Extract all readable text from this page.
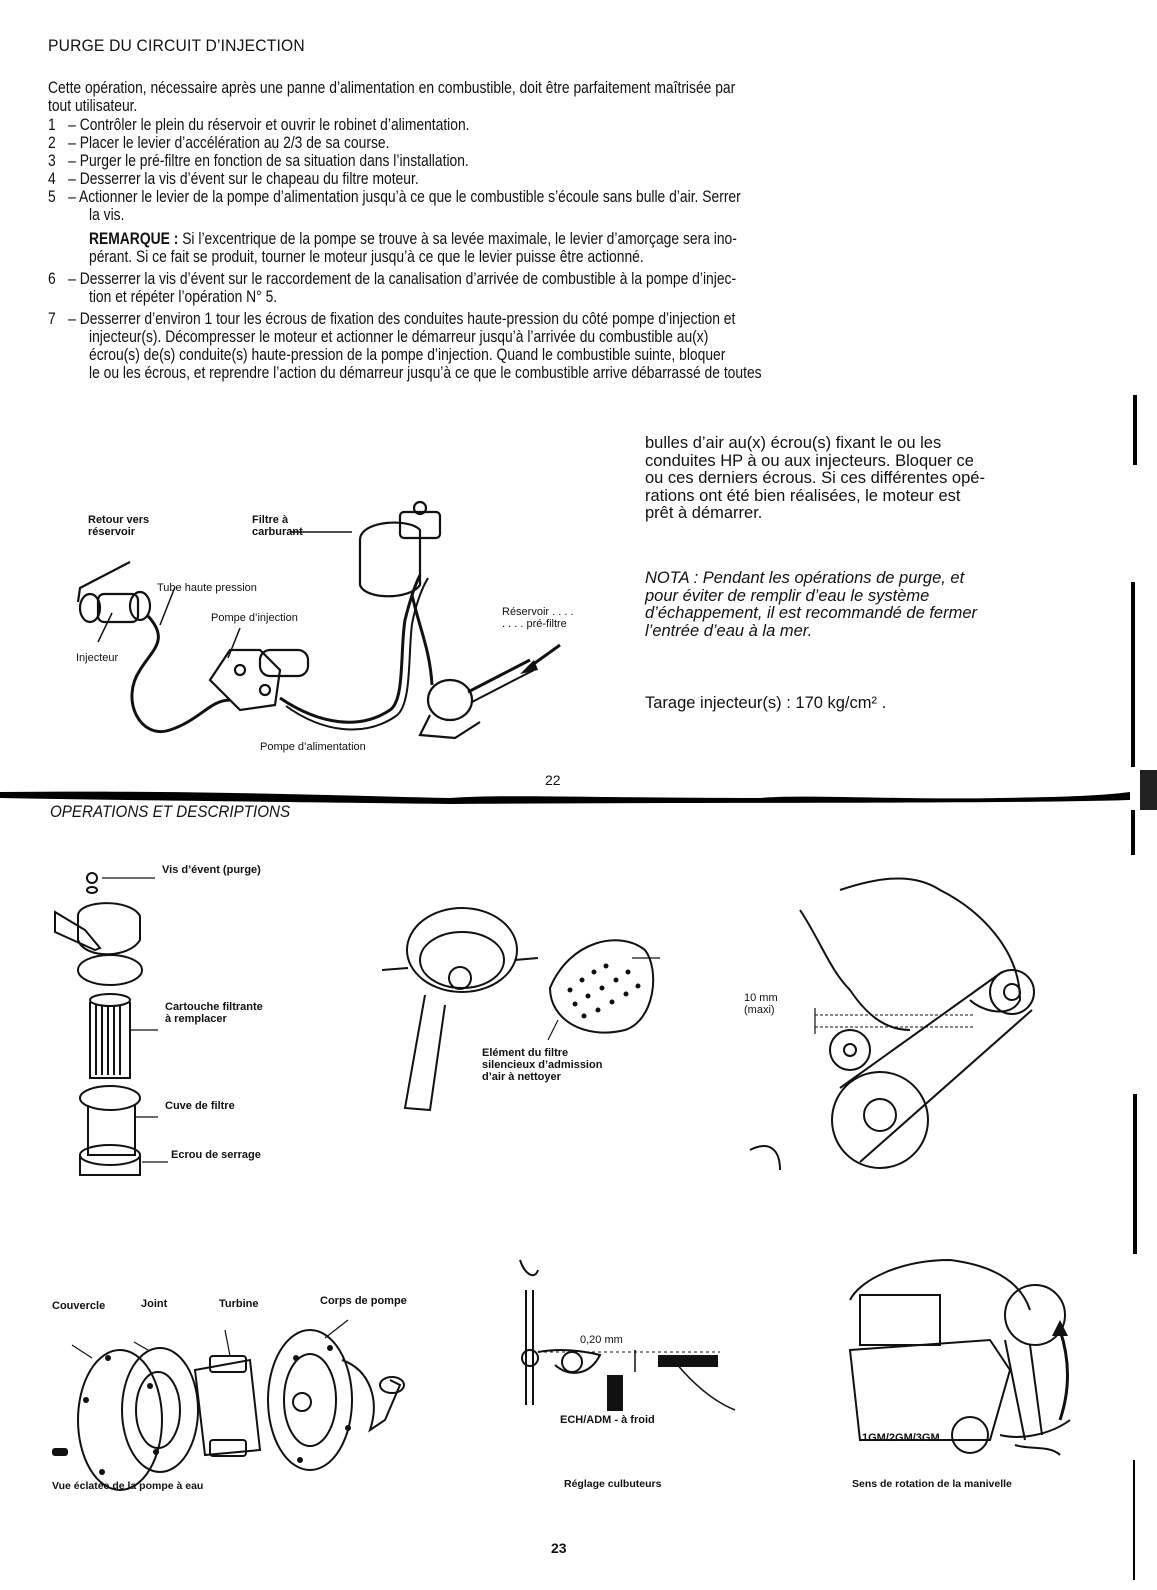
PURGE DU CIRCUIT D’INJECTION
Cette opération, nécessaire après une panne d’alimentation en combustible, doit être parfaitement maîtrisée par
tout utilisateur.
1 – Contrôler le plein du réservoir et ouvrir le robinet d’alimentation.
2 – Placer le levier d’accélération au 2/3 de sa course.
3 – Purger le pré-filtre en fonction de sa situation dans l’installation.
4 – Desserrer la vis d’évent sur le chapeau du filtre moteur.
5 – Actionner le levier de la pompe d’alimentation jusqu’à ce que le combustible s’écoule sans bulle d’air. Serrer
la vis.
REMARQUE : Si l’excentrique de la pompe se trouve à sa levée maximale, le levier d’amorçage sera ino-
pérant. Si ce fait se produit, tourner le moteur jusqu’à ce que le levier puisse être actionné.
6 – Desserrer la vis d’évent sur le raccordement de la canalisation d’arrivée de combustible à la pompe d’injec-
tion et répéter l’opération N° 5.
7 – Desserrer d’environ 1 tour les écrous de fixation des conduites haute-pression du côté pompe d’injection et
injecteur(s). Décompresser le moteur et actionner le démarreur jusqu’à l’arrivée du combustible au(x)
écrou(s) de(s) conduite(s) haute-pression de la pompe d’injection. Quand le combustible suinte, bloquer
le ou les écrous, et reprendre l’action du démarreur jusqu’à ce que le combustible arrive débarrassé de toutes
bulles d’air au(x) écrou(s) fixant le ou les
conduites HP à ou aux injecteurs. Bloquer ce
ou ces derniers écrous. Si ces différentes opé-
rations ont été bien réalisées, le moteur est
prêt à démarrer.
NOTA : Pendant les opérations de purge, et
pour éviter de remplir d’eau le système
d’échappement, il est recommandé de fermer
l’entrée d’eau à la mer.
Tarage injecteur(s) : 170 kg/cm² .
Retour vers
réservoir
Filtre à
carburant
Tube haute pression
Pompe d’injection
Injecteur
Réservoir . . . .
. . . . pré-filtre
Pompe d’alimentation
22
OPERATIONS ET DESCRIPTIONS
Vis d’évent (purge)
Cartouche filtrante
à remplacer
Cuve de filtre
Ecrou de serrage
Elément du filtre
silencieux d’admission
d’air à nettoyer
10 mm
(maxi)
Couvercle	Joint	Turbine	Corps de pompe
Vue éclatée de la pompe à eau
0,20 mm
ECH/ADM - à froid
Réglage culbuteurs
1GM/2GM/3GM
Sens de rotation de la manivelle
23
